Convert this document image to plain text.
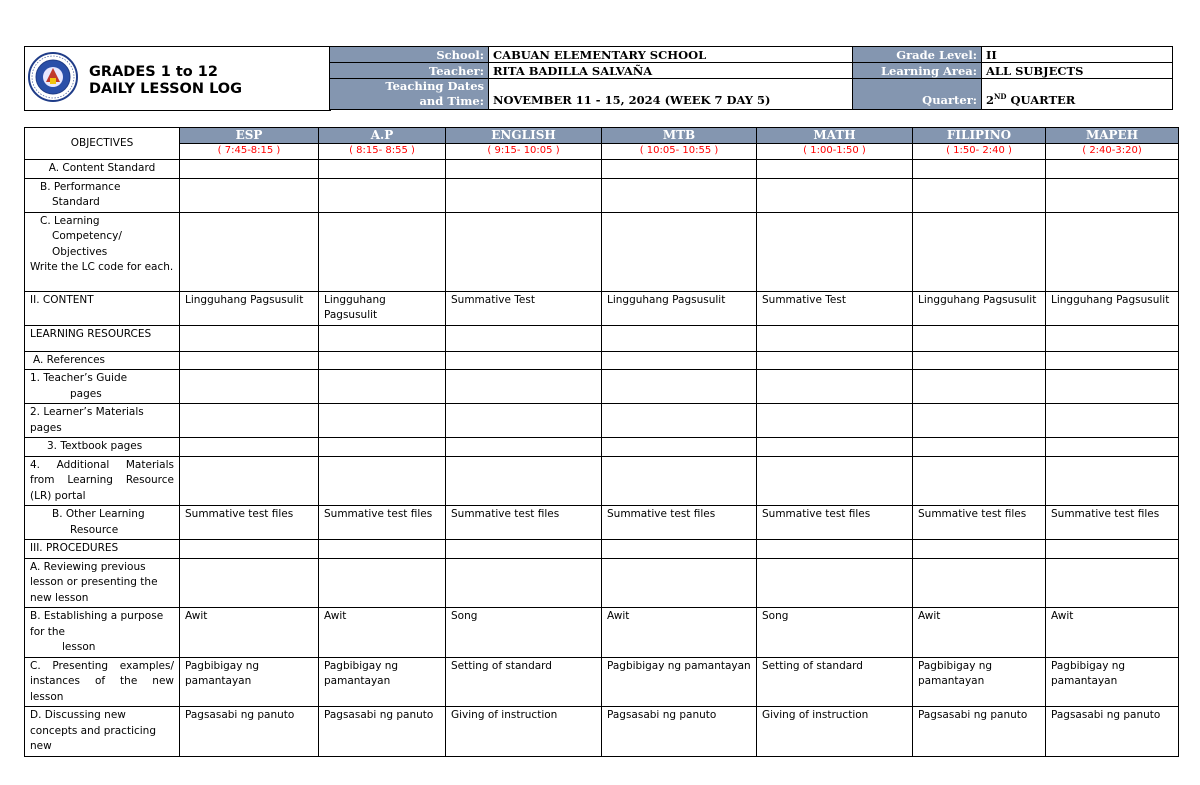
GRADES 1 to 12
DAILY LESSON LOG
School:	CABUAN ELEMENTARY SCHOOL	Grade Level:	II
Teacher:	RITA BADILLA SALVAÑA	Learning Area:	ALL SUBJECTS
Teaching Dates and Time:	NOVEMBER 11 - 15, 2024 (WEEK 7 DAY 5)	Quarter:	2ND QUARTER
OBJECTIVES	ESP	A.P	ENGLISH	MTB	MATH	FILIPINO	MAPEH
	( 7:45-8:15 )	( 8:15- 8:55 )	( 9:15- 10:05 )	( 10:05- 10:55 )	( 1:00-1:50 )	( 1:50- 2:40 )	( 2:40-3:20)
A. Content Standard							

B. Performance
Standard							

C. Learning
Competency/
Objectives
Write the LC code for each.							

II. CONTENT	Lingguhang Pagsusulit	Lingguhang Pagsusulit	Summative Test	Lingguhang Pagsusulit	Summative Test	Lingguhang Pagsusulit	Lingguhang Pagsusulit
LEARNING RESOURCES							
A. References							

1. Teacher’s Guide
pages							

2. Learner’s Materials pages							
3. Textbook pages							
4. Additional Materials from Learning Resource (LR) portal							

B. Other Learning
Resource	Summative test files	Summative test files	Summative test files	Summative test files	Summative test files	Summative test files	Summative test files
III. PROCEDURES							
A. Reviewing previous lesson or presenting the new lesson							

B. Establishing a purpose for the
lesson	Awit	Awit	Song	Awit	Song	Awit	Awit
C. Presenting examples/ instances of the new lesson	Pagbibigay ng pamantayan	Pagbibigay ng pamantayan	Setting of standard	Pagbibigay ng pamantayan	Setting of standard	Pagbibigay ng pamantayan	Pagbibigay ng pamantayan
D. Discussing new concepts and practicing new	Pagsasabi ng panuto	Pagsasabi ng panuto	Giving of instruction	Pagsasabi ng panuto	Giving of instruction	Pagsasabi ng panuto	Pagsasabi ng panuto
